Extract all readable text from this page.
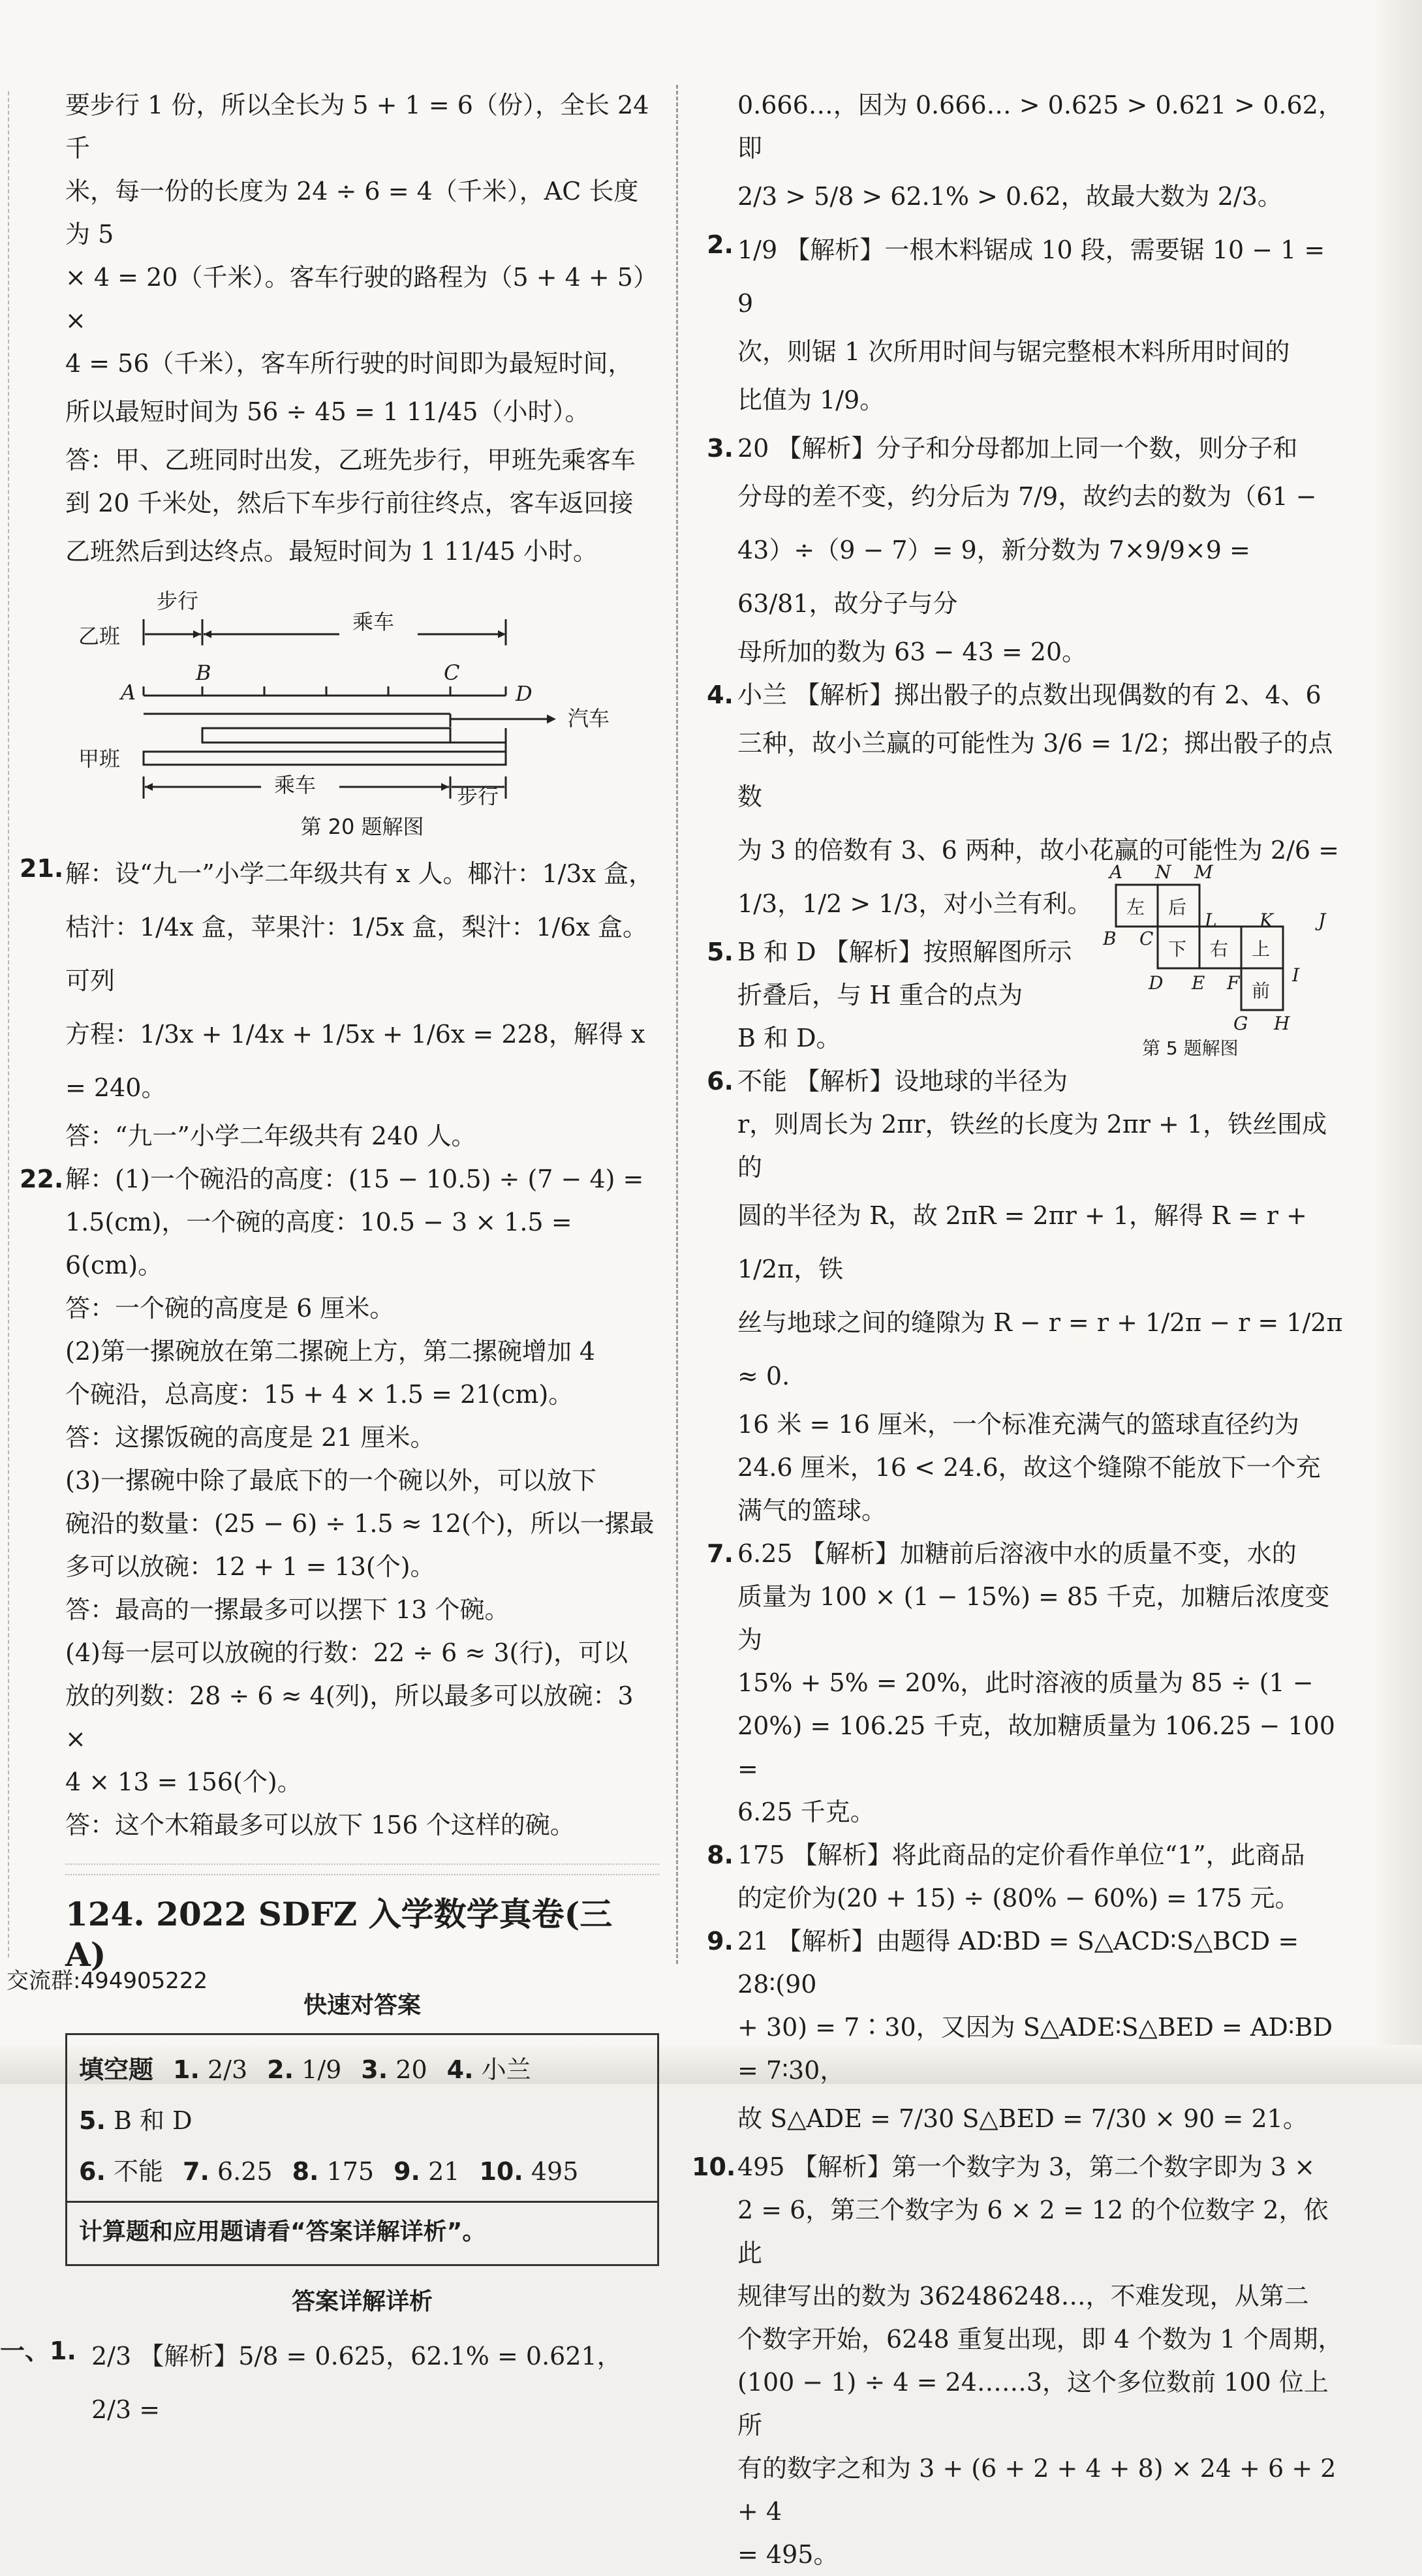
要步行 1 份，所以全长为 5 + 1 = 6（份），全长 24 千

米，每一份的长度为 24 ÷ 6 = 4（千米），AC 长度为 5

× 4 = 20（千米）。客车行驶的路程为（5 + 4 + 5）×

4 = 56（千米），客车所行驶的时间即为最短时间，

所以最短时间为 56 ÷ 45 = 1 11/45（小时）。

答：甲、乙班同时出发，乙班先步行，甲班先乘客车

到 20 千米处，然后下车步行前往终点，客车返回接

乙班然后到达终点。最短时间为 1 11/45 小时。

步行
乘车
乙班
A
B	C
D
汽车
甲班
乘车	步行
第 20 题解图
21. 解：设“九一”小学二年级共有 x 人。椰汁：1/3x 盒，

桔汁：1/4x 盒，苹果汁：1/5x 盒，梨汁：1/6x 盒。可列

方程：1/3x + 1/4x + 1/5x + 1/6x = 228，解得 x = 240。

答：“九一”小学二年级共有 240 人。

22. 解：(1)一个碗沿的高度：(15 − 10.5) ÷ (7 − 4) =

1.5(cm)，一个碗的高度：10.5 − 3 × 1.5 = 6(cm)。

答：一个碗的高度是 6 厘米。

(2)第一摞碗放在第二摞碗上方，第二摞碗增加 4

个碗沿，总高度：15 + 4 × 1.5 = 21(cm)。

答：这摞饭碗的高度是 21 厘米。

(3)一摞碗中除了最底下的一个碗以外，可以放下

碗沿的数量：(25 − 6) ÷ 1.5 ≈ 12(个)，所以一摞最

多可以放碗：12 + 1 = 13(个)。

答：最高的一摞最多可以摆下 13 个碗。

(4)每一层可以放碗的行数：22 ÷ 6 ≈ 3(行)，可以

放的列数：28 ÷ 6 ≈ 4(列)，所以最多可以放碗：3 ×

4 × 13 = 156(个)。

答：这个木箱最多可以放下 156 个这样的碗。

124. 2022 SDFZ 入学数学真卷(三 A)
快速对答案
填空题 1. 2/3 2. 1/9 3. 20 4. 小兰
5. B 和 D
6. 不能 7. 6.25 8. 175 9. 21 10. 495
计算题和应用题请看“答案详解详析”。
答案详解详析
一、1. 2/3 【解析】5/8 = 0.625，62.1% = 0.621，2/3 =

0.666…，因为 0.666… > 0.625 > 0.621 > 0.62，即

2/3 > 5/8 > 62.1% > 0.62，故最大数为 2/3。

2. 1/9 【解析】一根木料锯成 10 段，需要锯 10 − 1 = 9

次，则锯 1 次所用时间与锯完整根木料所用时间的

比值为 1/9。

3. 20 【解析】分子和分母都加上同一个数，则分子和

分母的差不变，约分后为 7/9，故约去的数为（61 −

43）÷（9 − 7）= 9，新分数为 7×9/9×9 = 63/81，故分子与分

母所加的数为 63 − 43 = 20。

4. 小兰 【解析】掷出骰子的点数出现偶数的有 2、4、6

三种，故小兰赢的可能性为 3/6 = 1/2；掷出骰子的点数

为 3 的倍数有 3、6 两种，故小花赢的可能性为 2/6 =

1/3，1/2 > 1/3，对小兰有利。

5. B 和 D 【解析】按照解图所示

折叠后，与 H 重合的点为

B 和 D。

A N M
左 后
L K J
B C 下 右 上
I
前
D E F
G H
第 5 题解图
6. 不能 【解析】设地球的半径为

r，则周长为 2πr，铁丝的长度为 2πr + 1，铁丝围成的

圆的半径为 R，故 2πR = 2πr + 1，解得 R = r + 1/2π，铁

丝与地球之间的缝隙为 R − r = r + 1/2π − r = 1/2π ≈ 0.

16 米 = 16 厘米，一个标准充满气的篮球直径约为

24.6 厘米，16 < 24.6，故这个缝隙不能放下一个充

满气的篮球。

7. 6.25 【解析】加糖前后溶液中水的质量不变，水的

质量为 100 × (1 − 15%) = 85 千克，加糖后浓度变为

15% + 5% = 20%，此时溶液的质量为 85 ÷ (1 −

20%) = 106.25 千克，故加糖质量为 106.25 − 100 =

6.25 千克。

8. 175 【解析】将此商品的定价看作单位“1”，此商品

的定价为(20 + 15) ÷ (80% − 60%) = 175 元。

9. 21 【解析】由题得 AD∶BD = S△ACD∶S△BCD = 28∶(90

+ 30) = 7∶30，又因为 S△ADE∶S△BED = AD∶BD = 7∶30，

故 S△ADE = 7/30 S△BED = 7/30 × 90 = 21。

10. 495 【解析】第一个数字为 3，第二个数字即为 3 ×

2 = 6，第三个数字为 6 × 2 = 12 的个位数字 2，依此

规律写出的数为 362486248…，不难发现，从第二

个数字开始，6248 重复出现，即 4 个数为 1 个周期，

(100 − 1) ÷ 4 = 24……3，这个多位数前 100 位上所

有的数字之和为 3 + (6 + 2 + 4 + 8) × 24 + 6 + 2 + 4

= 495。

交流群:494905222
